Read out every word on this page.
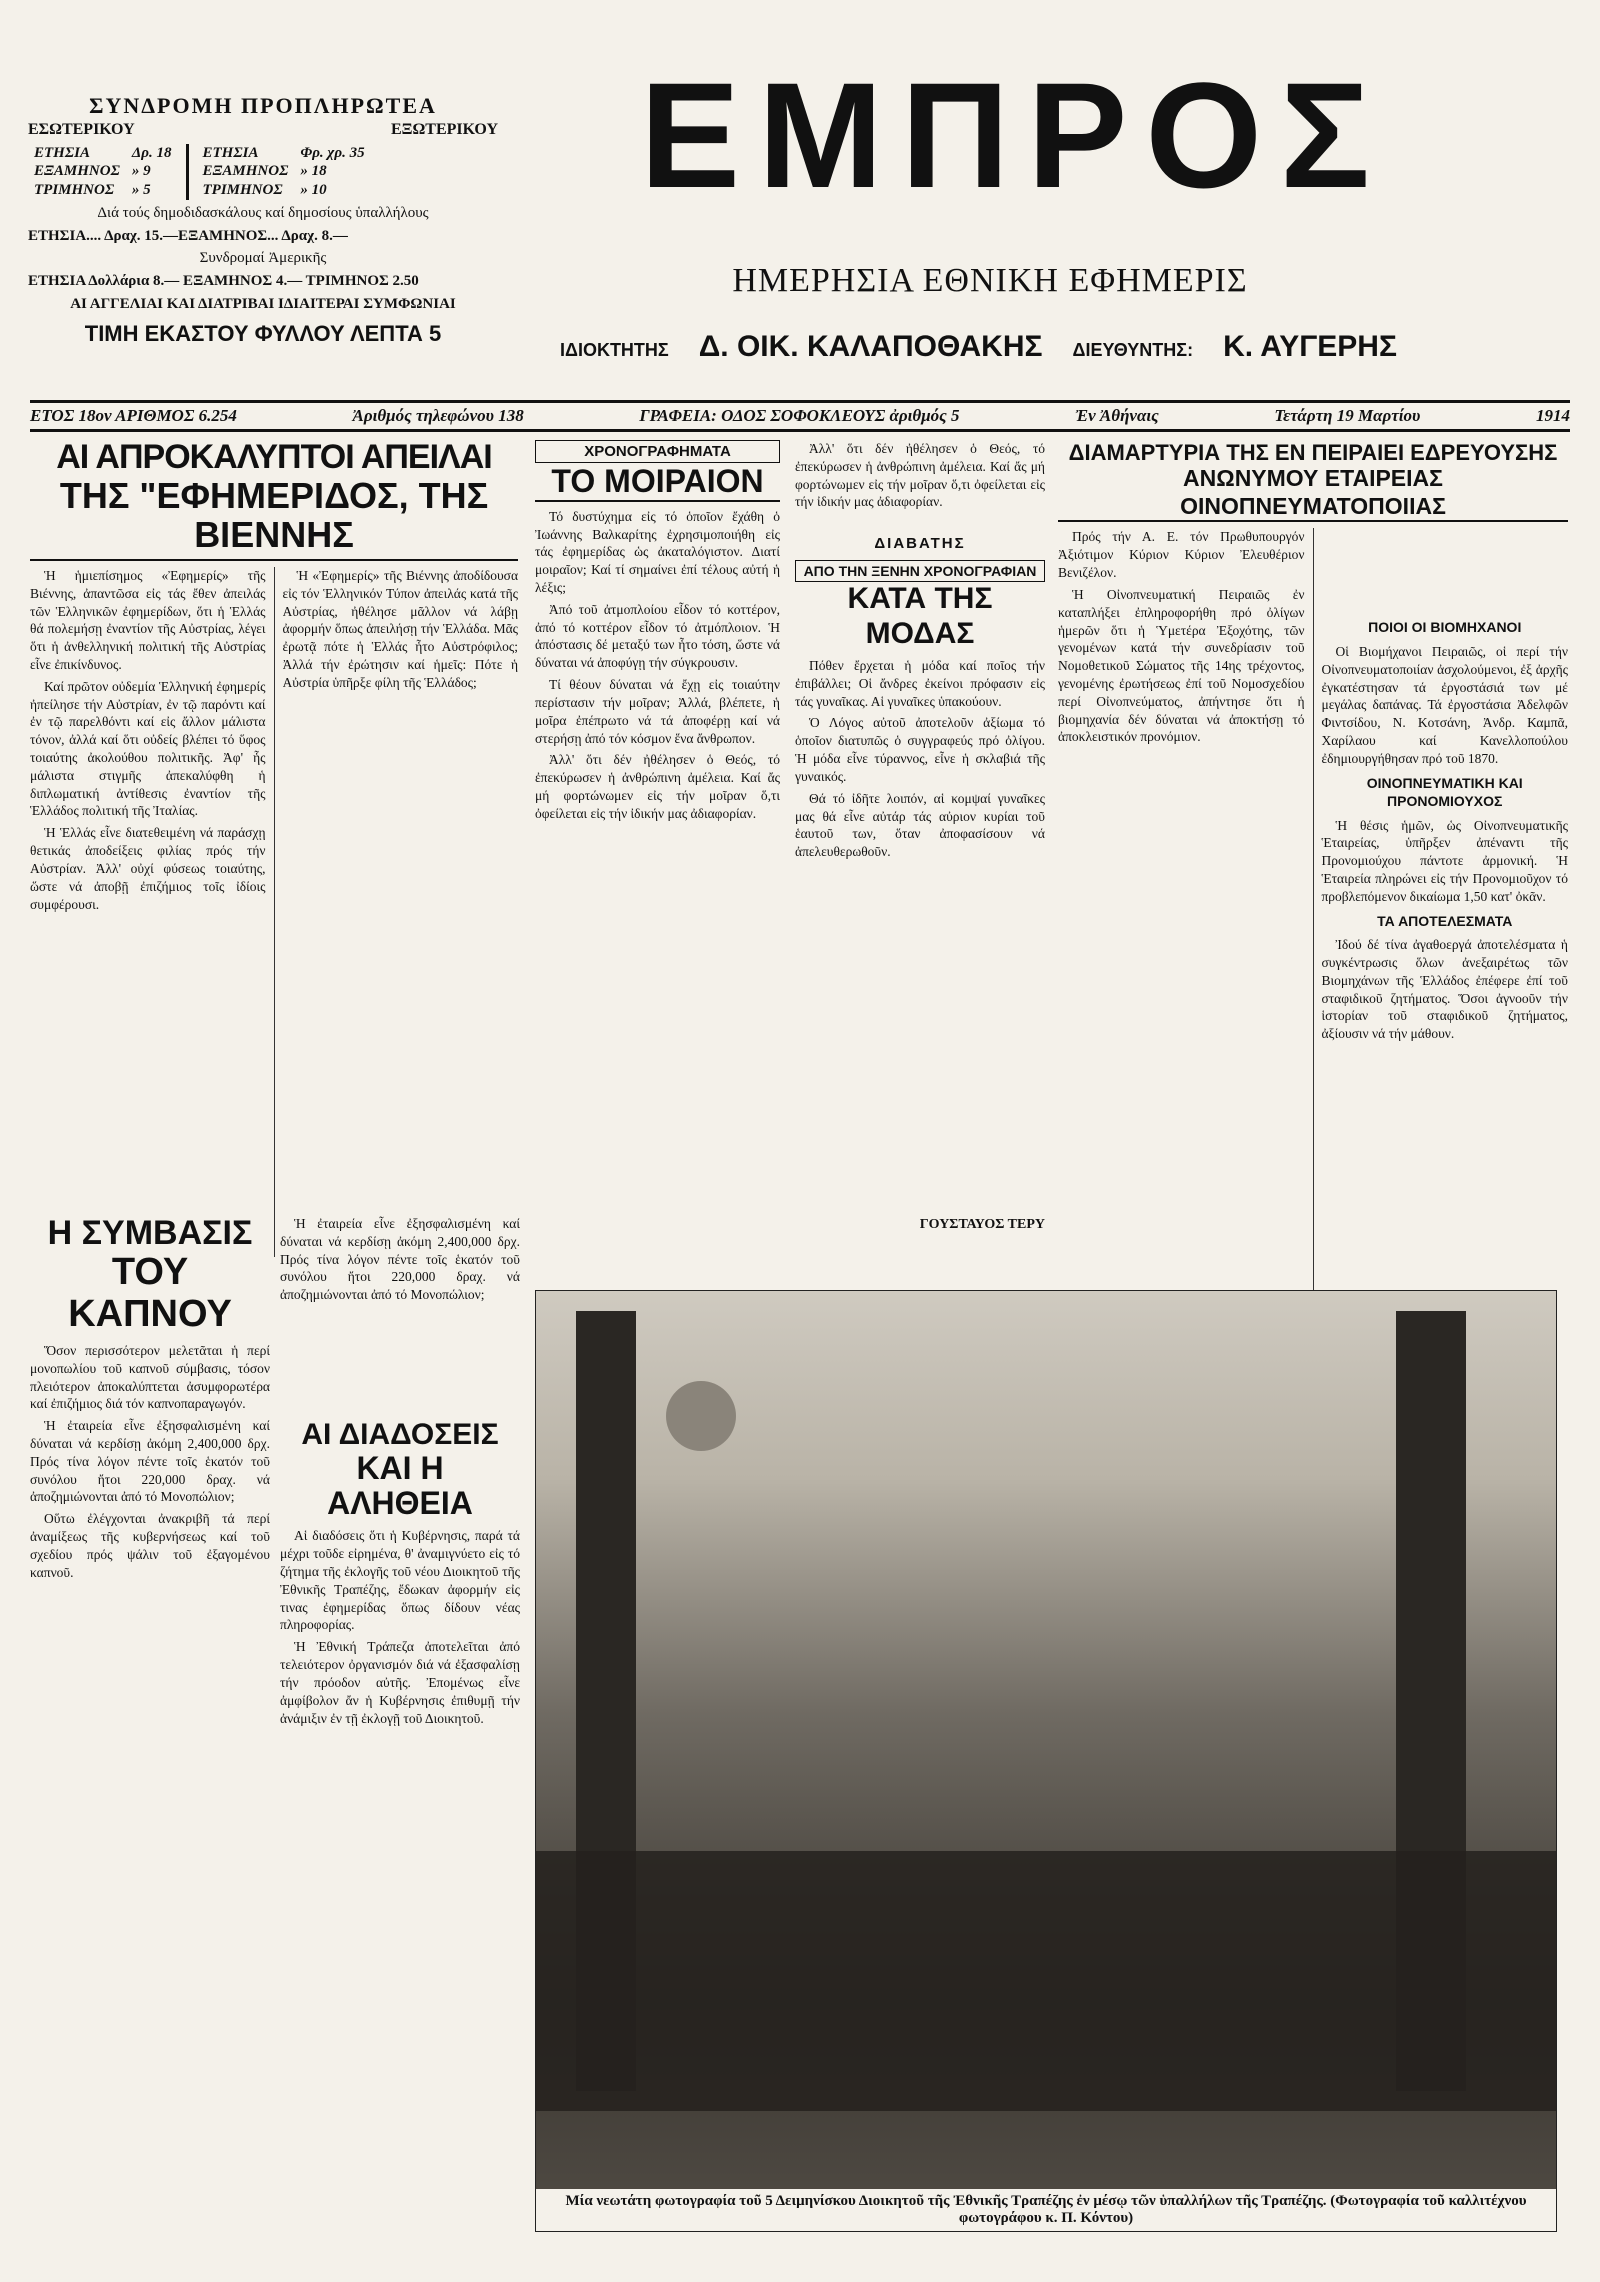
ΣΥΝΔΡΟΜΗ ΠΡΟΠΛΗΡΩΤΕΑ
ΕΣΩΤΕΡΙΚΟΥ	ΕΞΩΤΕΡΙΚΟΥ
ΕΤΗΣΙΑ	Δρ. 18
ΕΞΑΜΗΝΟΣ	» 9
ΤΡΙΜΗΝΟΣ	» 5
ΕΤΗΣΙΑ	Φρ. χρ. 35
ΕΞΑΜΗΝΟΣ	» 18
ΤΡΙΜΗΝΟΣ	» 10
Διά τούς δημοδιδασκάλους καί δημοσίους ὑπαλλήλους
ΕΤΗΣΙΑ.... Δραχ. 15.—ΕΞΑΜΗΝΟΣ... Δραχ. 8.—
Συνδρομαί Ἀμερικῆς
ΕΤΗΣΙΑ Δολλάρια 8.— ΕΞΑΜΗΝΟΣ 4.— ΤΡΙΜΗΝΟΣ 2.50
ΑΙ ΑΓΓΕΛΙΑΙ ΚΑΙ ΔΙΑΤΡΙΒΑΙ ΙΔΙΑΙΤΕΡΑΙ ΣΥΜΦΩΝΙΑΙ
ΤΙΜΗ ΕΚΑΣΤΟΥ ΦΥΛΛΟΥ ΛΕΠΤΑ 5
ΕΜΠΡΟΣ
ΗΜΕΡΗΣΙΑ ΕΘΝΙΚΗ ΕΦΗΜΕΡΙΣ
ΙΔΙΟΚΤΗΤΗΣ Δ. ΟΙΚ. ΚΑΛΑΠΟΘΑΚΗΣ ΔΙΕΥΘΥΝΤΗΣ: Κ. ΑΥΓΕΡΗΣ
ΕΤΟΣ 18ον ΑΡΙΘΜΟΣ 6.254	Ἀριθμός τηλεφώνου 138	ΓΡΑΦΕΙΑ: ΟΔΟΣ ΣΟΦΟΚΛΕΟΥΣ ἀριθμός 5	Ἐν Ἀθήναις	Τετάρτη 19 Μαρτίου	1914
ΑΙ ΑΠΡΟΚΑΛΥΠΤΟΙ ΑΠΕΙΛΑΙ
ΤΗΣ "ΕΦΗΜΕΡΙΔΟΣ, ΤΗΣ ΒΙΕΝΝΗΣ

Ἡ ἡμιεπίσημος «Ἐφημερίς» τῆς Βιέννης, ἀπαντῶσα εἰς τάς ἔθεν ἀπειλάς τῶν Ἑλληνικῶν ἐφημερίδων, ὅτι ἡ Ἑλλάς θά πολεμήσῃ ἐναντίον τῆς Αὐστρίας, λέγει ὅτι ἡ ἀνθελληνική πολιτική τῆς Αὐστρίας εἶνε ἐπικίνδυνος.

Καί πρῶτον οὐδεμία Ἑλληνική ἐφημερίς ἠπείλησε τήν Αὐστρίαν, ἐν τῷ παρόντι καί ἐν τῷ παρελθόντι καί εἰς ἄλλον μάλιστα τόνον, ἀλλά καί ὅτι οὐδείς βλέπει τό ὕφος τοιαύτης ἀκολούθου πολιτικῆς. Ἀφ' ἧς μάλιστα στιγμῆς ἀπεκαλύφθη ἡ διπλωματική ἀντίθεσις ἐναντίον τῆς Ἑλλάδος πολιτική τῆς Ἰταλίας.

Ἡ Ἑλλάς εἶνε διατεθειμένη νά παράσχῃ θετικάς ἀποδείξεις φιλίας πρός τήν Αὐστρίαν. Ἀλλ' οὐχί φύσεως τοιαύτης, ὥστε νά ἀποβῇ ἐπιζήμιος τοῖς ἰδίοις συμφέρουσι.

Ἡ «Ἐφημερίς» τῆς Βιέννης ἀποδίδουσα εἰς τόν Ἑλληνικόν Τύπον ἀπειλάς κατά τῆς Αὐστρίας, ἠθέλησε μᾶλλον νά λάβῃ ἀφορμήν ὅπως ἀπειλήσῃ τήν Ἑλλάδα. Μᾶς ἐρωτᾷ πότε ἡ Ἑλλάς ἦτο Αὐστρόφιλος; Ἀλλά τήν ἐρώτησιν καί ἡμεῖς: Πότε ἡ Αὐστρία ὑπῆρξε φίλη τῆς Ἑλλάδος;

Η ΣΥΜΒΑΣΙΣ
ΤΟΥ ΚΑΠΝΟΥ

Ὅσον περισσότερον μελετᾶται ἡ περί μονοπωλίου τοῦ καπνοῦ σύμβασις, τόσον πλειότερον ἀποκαλύπτεται ἀσυμφορωτέρα καί ἐπιζήμιος διά τόν καπνοπαραγωγόν.

Ἡ ἐταιρεία εἶνε ἐξησφαλισμένη καί δύναται νά κερδίσῃ ἀκόμη 2,400,000 δρχ. Πρός τίνα λόγον πέντε τοῖς ἑκατόν τοῦ συνόλου ἤτοι 220,000 δραχ. νά ἀποζημιώνονται ἀπό τό Μονοπώλιον;

Οὕτω ἐλέγχονται ἀνακριβῆ τά περί ἀναμίξεως τῆς κυβερνήσεως καί τοῦ σχεδίου πρός ψάλιν τοῦ ἐξαγομένου καπνοῦ.

Ἡ ἐταιρεία εἶνε ἐξησφαλισμένη καί δύναται νά κερδίσῃ ἀκόμη 2,400,000 δρχ. Πρός τίνα λόγον πέντε τοῖς ἑκατόν τοῦ συνόλου ἤτοι 220,000 δραχ. νά ἀποζημιώνονται ἀπό τό Μονοπώλιον;

ΑΙ ΔΙΑΔΟΣΕΙΣ
ΚΑΙ Η ΑΛΗΘΕΙΑ

Αἱ διαδόσεις ὅτι ἡ Κυβέρνησις, παρά τά μέχρι τοῦδε εἰρημένα, θ' ἀναμιγνύετο εἰς τό ζήτημα τῆς ἐκλογῆς τοῦ νέου Διοικητοῦ τῆς Ἐθνικῆς Τραπέζης, ἔδωκαν ἀφορμήν εἰς τινας ἐφημερίδας ὅπως δίδουν νέας πληροφορίας.

Ἡ Ἐθνική Τράπεζα ἀποτελεῖται ἀπό τελειότερον ὀργανισμόν διά νά ἐξασφαλίσῃ τήν πρόοδον αὐτῆς. Ἐπομένως εἶνε ἀμφίβολον ἄν ἡ Κυβέρνησις ἐπιθυμῇ τήν ἀνάμιξιν ἐν τῇ ἐκλογῇ τοῦ Διοικητοῦ.

ΧΡΟΝΟΓΡΑΦΗΜΑΤΑ
ΤΟ ΜΟΙΡΑΙΟΝ

Τό δυστύχημα εἰς τό ὁποῖον ἔχάθη ὁ Ἰωάννης Βαλκαρίτης ἐχρησιμοποιήθη εἰς τάς ἐφημερίδας ὡς ἀκαταλόγιστον. Διατί μοιραῖον; Καί τί σημαίνει ἐπί τέλους αὐτή ἡ λέξις;

Ἀπό τοῦ ἀτμοπλοίου εἶδον τό κοττέρον, ἀπό τό κοττέρον εἶδον τό ἀτμόπλοιον. Ἡ ἀπόστασις δέ μεταξύ των ἦτο τόση, ὥστε νά δύναται νά ἀποφύγῃ τήν σύγκρουσιν.

Τί θέουν δύναται νά ἔχῃ εἰς τοιαύτην περίστασιν τήν μοῖραν; Ἀλλά, βλέπετε, ἡ μοῖρα ἐπέπρωτο νά τά ἀποφέρῃ καί νά στερήσῃ ἀπό τόν κόσμον ἕνα ἄνθρωπον.

Ἀλλ' ὅτι δέν ἠθέλησεν ὁ Θεός, τό ἐπεκύρωσεν ἡ ἀνθρώπινη ἀμέλεια. Καί ἄς μή φορτώνωμεν εἰς τήν μοῖραν ὅ,τι ὀφείλεται εἰς τήν ἰδικήν μας ἀδιαφορίαν.

Ἀλλ' ὅτι δέν ἠθέλησεν ὁ Θεός, τό ἐπεκύρωσεν ἡ ἀνθρώπινη ἀμέλεια. Καί ἄς μή φορτώνωμεν εἰς τήν μοῖραν ὅ,τι ὀφείλεται εἰς τήν ἰδικήν μας ἀδιαφορίαν.

ΔΙΑΒΑΤΗΣ
ΑΠΟ ΤΗΝ ΞΕΝΗΝ ΧΡΟΝΟΓΡΑΦΙΑΝ
ΚΑΤΑ ΤΗΣ ΜΟΔΑΣ

Πόθεν ἔρχεται ἡ μόδα καί ποῖος τήν ἐπιβάλλει; Οἱ ἄνδρες ἐκείνοι πρόφασιν εἰς τάς γυναῖκας. Αἱ γυναῖκες ὑπακούουν.

Ὁ Λόγος αὐτοῦ ἀποτελοῦν ἀξίωμα τό ὁποῖον διατυπῶς ὁ συγγραφεύς πρό ὀλίγου. Ἡ μόδα εἶνε τύραννος, εἶνε ἡ σκλαβιά τῆς γυναικός.

Θά τό ἰδῆτε λοιπόν, αἱ κομψαί γυναῖκες μας θά εἶνε αὐτάρ τάς αὐριον κυρίαι τοῦ ἑαυτοῦ των, ὅταν ἀποφασίσουν νά ἀπελευθερωθοῦν.

ΓΟΥΣΤΑΥΟΣ ΤΕΡΥ
ΔΙΑΜΑΡΤΥΡΙΑ ΤΗΣ ΕΝ ΠΕΙΡΑΙΕΙ ΕΔΡΕΥΟΥΣΗΣ
ΑΝΩΝΥΜΟΥ ΕΤΑΙΡΕΙΑΣ ΟΙΝΟΠΝΕΥΜΑΤΟΠΟΙΙΑΣ

Πρός τήν Α. Ε. τόν Πρωθυπουργόν Ἀξιότιμον Κύριον Κύριον Ἐλευθέριον Βενιζέλον.

Ἡ Οἰνοπνευματική Πειραιῶς ἐν καταπλήξει ἐπληροφορήθη πρό ὀλίγων ἡμερῶν ὅτι ἡ Ὑμετέρα Ἐξοχότης, τῶν γενομένων κατά τήν συνεδρίασιν τοῦ Νομοθετικοῦ Σώματος τῆς 14ης τρέχοντος, γενομένης ἐρωτήσεως ἐπί τοῦ Νομοσχεδίου περί Οἰνοπνεύματος, ἀπήντησε ὅτι ἡ βιομηχανία δέν δύναται νά ἀποκτήσῃ τό ἀποκλειστικόν προνόμιον.

ΠΟΙΟΙ ΟΙ ΒΙΟΜΗΧΑΝΟΙ

Οἱ Βιομήχανοι Πειραιῶς, οἱ περί τήν Οἰνοπνευματοποιίαν ἀσχολούμενοι, ἐξ ἀρχῆς ἐγκατέστησαν τά ἐργοστάσιά των μέ μεγάλας δαπάνας. Τά ἐργοστάσια Ἀδελφῶν Φιντσίδου, Ν. Κοτσάνη, Ἀνδρ. Καμπᾶ, Χαρίλαου καί Κανελλοπούλου ἐδημιουργήθησαν πρό τοῦ 1870.

ΟΙΝΟΠΝΕΥΜΑΤΙΚΗ ΚΑΙ ΠΡΟΝΟΜΙΟΥΧΟΣ

Ἡ θέσις ἡμῶν, ὡς Οἰνοπνευματικῆς Ἑταιρείας, ὑπῆρξεν ἀπέναντι τῆς Προνομιούχου πάντοτε ἀρμονική. Ἡ Ἑταιρεία πληρώνει εἰς τήν Προνομιοῦχον τό προβλεπόμενον δικαίωμα 1,50 κατ' ὀκᾶν.

ΤΑ ΑΠΟΤΕΛΕΣΜΑΤΑ

Ἰδού δέ τίνα ἀγαθοεργά ἀποτελέσματα ἡ συγκέντρωσις ὅλων ἀνεξαιρέτως τῶν Βιομηχάνων τῆς Ἑλλάδος ἐπέφερε ἐπί τοῦ σταφιδικοῦ ζητήματος. Ὅσοι ἀγνοοῦν τήν ἱστορίαν τοῦ σταφιδικοῦ ζητήματος, ἀξίουσιν νά τήν μάθουν.

Μία νεωτάτη φωτογραφία τοῦ 5 Δειμηνίσκου Διοικητοῦ τῆς Ἐθνικῆς Τραπέζης ἐν μέσῳ τῶν ὑπαλλήλων τῆς Τραπέζης. (Φωτογραφία τοῦ καλλιτέχνου φωτογράφου κ. Π. Κόντου)
